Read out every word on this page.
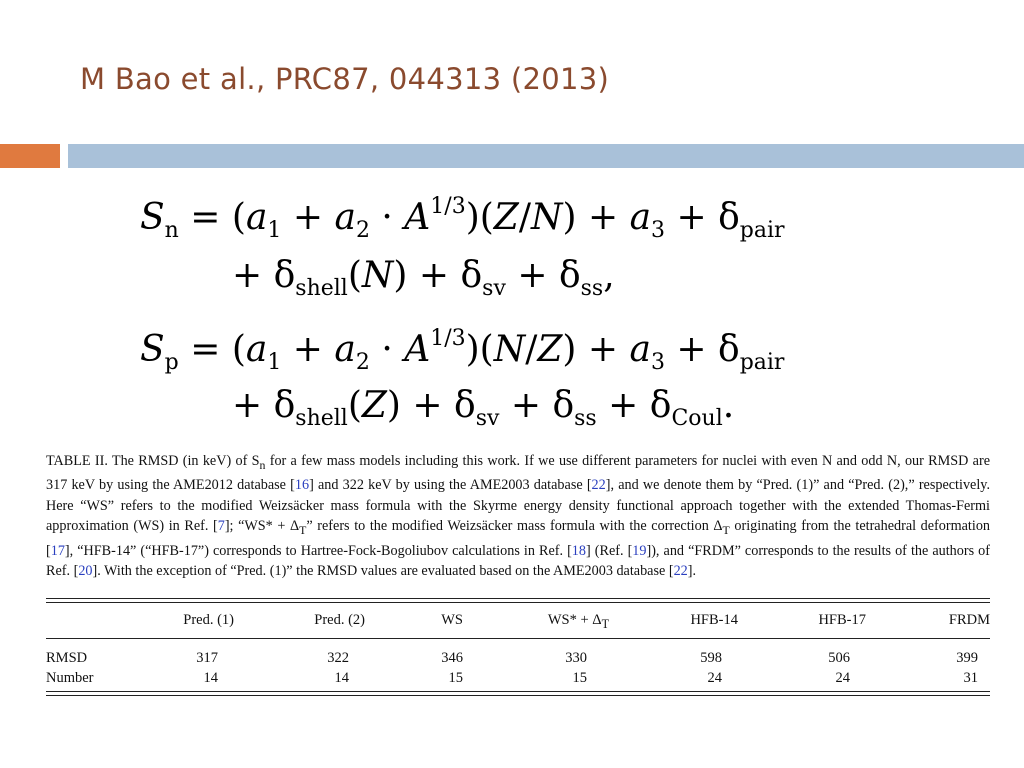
M Bao et al., PRC87, 044313 (2013)
$S_n = (a_1 + a_2 \cdot A^{1/3})(Z/N) + a_3 + \delta_{pair}$
+ $\delta_{shell}(N) + \delta_{sv} + \delta_{ss}$,
$S_p = (a_1 + a_2 \cdot A^{1/3})(N/Z) + a_3 + \delta_{pair}$
+ $\delta_{shell}(Z) + \delta_{sv} + \delta_{ss} + \delta_{Coul}$.
TABLE II. The RMSD (in keV) of $S_n$ for a few mass models including this work. If we use different parameters for nuclei with even N and odd N, our RMSD are 317 keV by using the AME2012 database [16] and 322 keV by using the AME2003 database [22], and we denote them by “Pred. (1)” and “Pred. (2),” respectively. Here “WS” refers to the modified Weizsäcker mass formula with the Skyrme energy density functional approach together with the extended Thomas-Fermi approximation (WS) in Ref. [7]; “$WS* + \Delta_T$” refers to the modified Weizsäcker mass formula with the correction $\Delta_T$ originating from the tetrahedral deformation [17], “HFB-14” (“HFB-17”) corresponds to Hartree-Fock-Bogoliubov calculations in Ref. [18] (Ref. [19]), and “FRDM” corresponds to the results of the authors of Ref. [20]. With the exception of “Pred. (1)” the RMSD values are evaluated based on the AME2003 database [22].
	Pred. (1)	Pred. (2)	WS	$WS* + \Delta_T$	HFB-14	HFB-17	FRDM

RMSD	317	322	346	330	598	506	399
Number	14	14	15	15	24	24	31
